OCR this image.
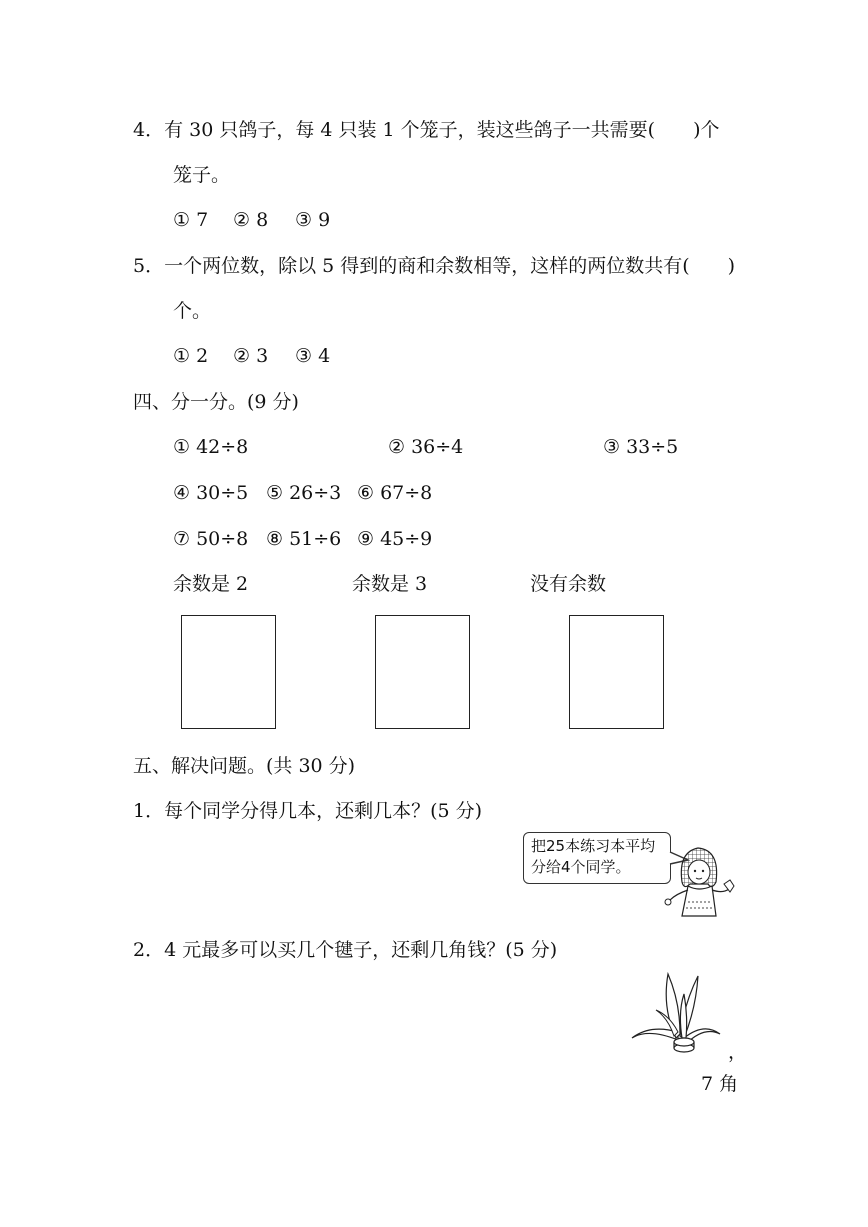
4．有 30 只鸽子，每 4 只装 1 个笼子，装这些鸽子一共需要(　　)个
笼子。
① 7 ② 8 ③ 9
5．一个两位数，除以 5 得到的商和余数相等，这样的两位数共有(　　)
个。
① 2 ② 3 ③ 4
四、分一分。(9 分)
① 42÷8	② 36÷4	③ 33÷5
④ 30÷5 ⑤ 26÷3 ⑥ 67÷8
⑦ 50÷8 ⑧ 51÷6 ⑨ 45÷9
余数是 2	余数是 3	没有余数
五、解决问题。(共 30 分)
1．每个同学分得几本，还剩几本？(5 分)
把25本练习本平均
分给4个同学。
2．4 元最多可以买几个毽子，还剩几角钱？(5 分)
，
7 角
